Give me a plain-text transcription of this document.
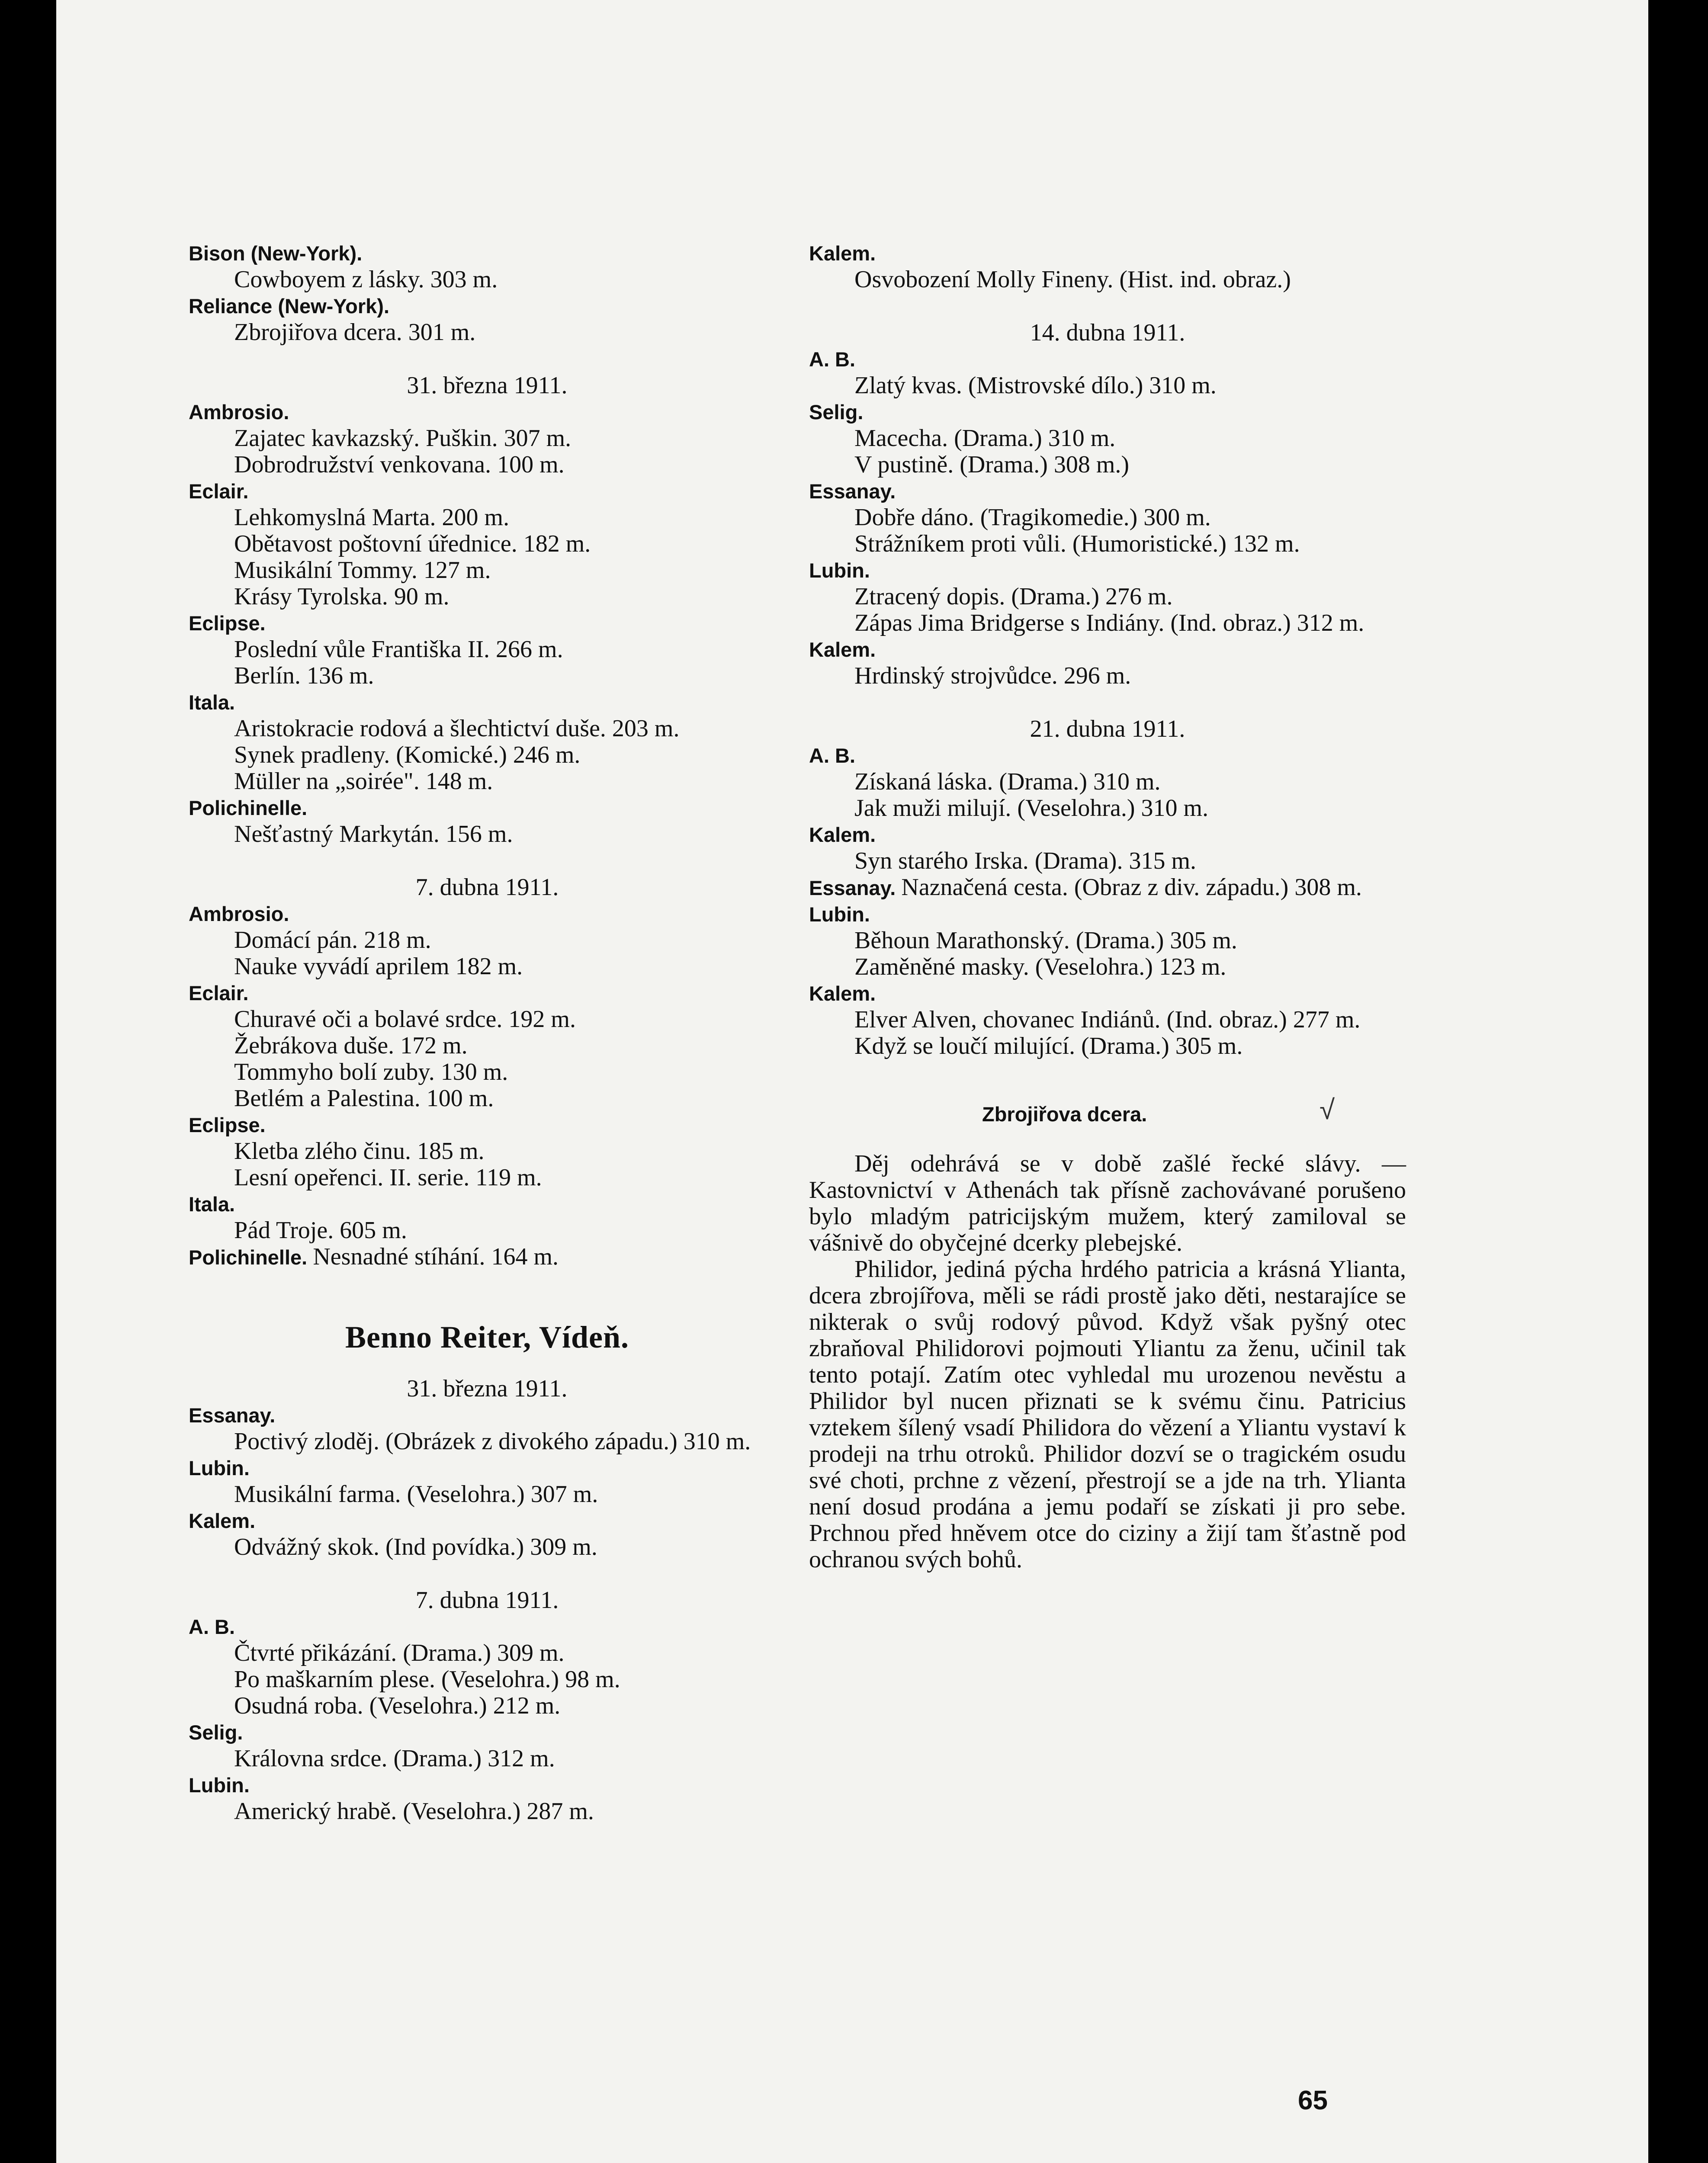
Bison (New-York).
Cowboyem z lásky. 303 m.
Reliance (New-York).
Zbrojiřova dcera. 301 m.
31. března 1911.
Ambrosio.
Zajatec kavkazský. Puškin. 307 m.
Dobrodružství venkovana. 100 m.
Eclair.
Lehkomyslná Marta. 200 m.
Obětavost poštovní úřednice. 182 m.
Musikální Tommy. 127 m.
Krásy Tyrolska. 90 m.
Eclipse.
Poslední vůle Františka II. 266 m.
Berlín. 136 m.
Itala.
Aristokracie rodová a šlechtictví duše. 203 m.
Synek pradleny. (Komické.) 246 m.
Müller na „soirée". 148 m.
Polichinelle.
Nešťastný Markytán. 156 m.
7. dubna 1911.
Ambrosio.
Domácí pán. 218 m.
Nauke vyvádí aprilem 182 m.
Eclair.
Churavé oči a bolavé srdce. 192 m.
Žebrákova duše. 172 m.
Tommyho bolí zuby. 130 m.
Betlém a Palestina. 100 m.
Eclipse.
Kletba zlého činu. 185 m.
Lesní opeřenci. II. serie. 119 m.
Itala.
Pád Troje. 605 m.
Polichinelle. Nesnadné stíhání. 164 m.
Benno Reiter, Vídeň.
31. března 1911.
Essanay.
Poctivý zloděj. (Obrázek z divokého západu.) 310 m.
Lubin.
Musikální farma. (Veselohra.) 307 m.
Kalem.
Odvážný skok. (Ind povídka.) 309 m.
7. dubna 1911.
A. B.
Čtvrté přikázání. (Drama.) 309 m.
Po maškarním plese. (Veselohra.) 98 m.
Osudná roba. (Veselohra.) 212 m.
Selig.
Královna srdce. (Drama.) 312 m.
Lubin.
Americký hrabě. (Veselohra.) 287 m.
Kalem.
Osvobození Molly Fineny. (Hist. ind. obraz.)
14. dubna 1911.
A. B.
Zlatý kvas. (Mistrovské dílo.) 310 m.
Selig.
Macecha. (Drama.) 310 m.
V pustině. (Drama.) 308 m.)
Essanay.
Dobře dáno. (Tragikomedie.) 300 m.
Strážníkem proti vůli. (Humoristické.) 132 m.
Lubin.
Ztracený dopis. (Drama.) 276 m.
Zápas Jima Bridgerse s Indiány. (Ind. obraz.) 312 m.
Kalem.
Hrdinský strojvůdce. 296 m.
21. dubna 1911.
A. B.
Získaná láska. (Drama.) 310 m.
Jak muži milují. (Veselohra.) 310 m.
Kalem.
Syn starého Irska. (Drama). 315 m.
Essanay. Naznačená cesta. (Obraz z div. západu.) 308 m.
Lubin.
Běhoun Marathonský. (Drama.) 305 m.
Zaměněné masky. (Veselohra.) 123 m.
Kalem.
Elver Alven, chovanec Indiánů. (Ind. obraz.) 277 m.
Když se loučí milující. (Drama.) 305 m.
Zbrojiřova dcera.	√

Děj odehrává se v době zašlé řecké slávy. — Kastovnictví v Athenách tak přísně zachovávané porušeno bylo mladým patricijským mužem, který zamiloval se vášnivě do obyčejné dcerky plebejské.

Philidor, jediná pýcha hrdého patricia a krásná Ylianta, dcera zbrojířova, měli se rádi prostě jako děti, nestarajíce se nikterak o svůj rodový původ. Když však pyšný otec zbraňoval Philidorovi pojmouti Yliantu za ženu, učinil tak tento potají. Zatím otec vyhledal mu urozenou nevěstu a Philidor byl nucen přiznati se k svému činu. Patricius vztekem šílený vsadí Philidora do vězení a Yliantu vystaví k prodeji na trhu otroků. Philidor dozví se o tragickém osudu své choti, prchne z vězení, přestrojí se a jde na trh. Ylianta není dosud prodána a jemu podaří se získati ji pro sebe. Prchnou před hněvem otce do ciziny a žijí tam šťastně pod ochranou svých bohů.

65
